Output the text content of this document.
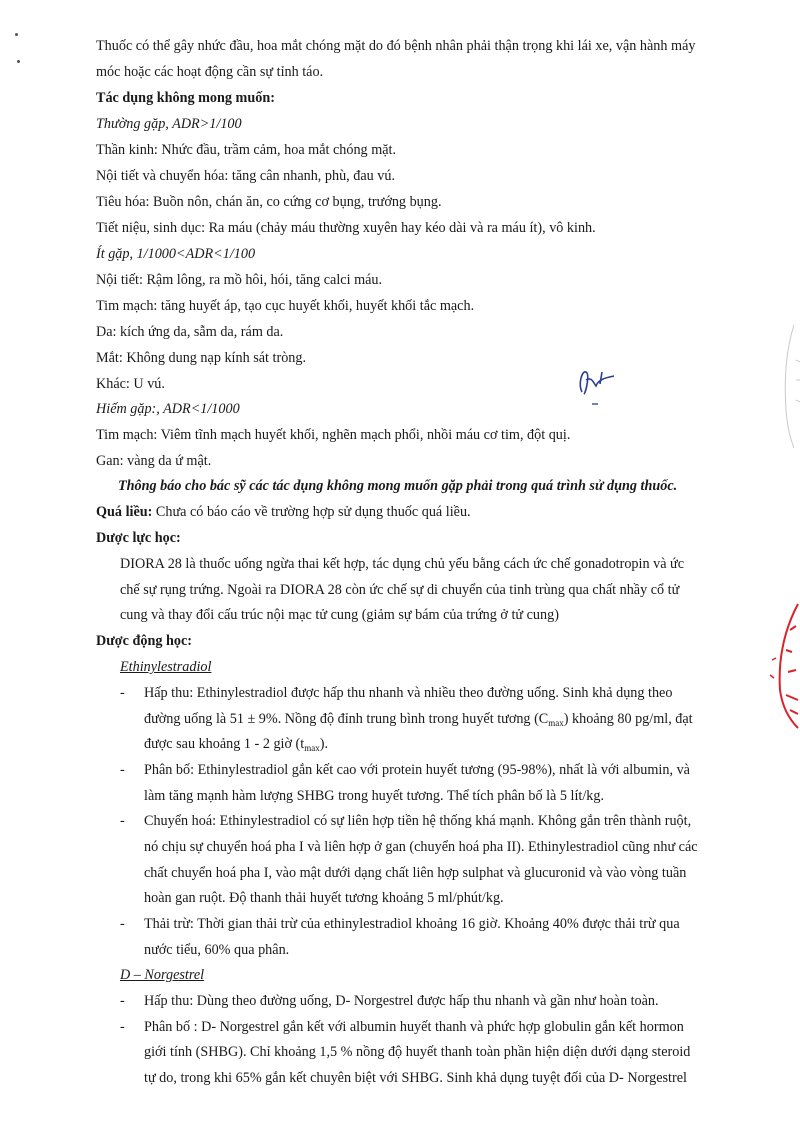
Thuốc có thể gây nhức đầu, hoa mắt chóng mặt do đó bệnh nhân phải thận trọng khi lái xe, vận hành máy
móc hoặc các hoạt động cần sự tỉnh táo.
Tác dụng không mong muốn:
Thường gặp, ADR>1/100
Thần kinh: Nhức đầu, trầm cảm, hoa mắt chóng mặt.
Nội tiết và chuyển hóa: tăng cân nhanh, phù, đau vú.
Tiêu hóa: Buồn nôn, chán ăn, co cứng cơ bụng, trướng bụng.
Tiết niệu, sinh dục: Ra máu (chảy máu thường xuyên hay kéo dài và ra máu ít), vô kinh.
Ít gặp, 1/1000<ADR<1/100
Nội tiết: Rậm lông, ra mồ hôi, hói, tăng calci máu.
Tim mạch: tăng huyết áp, tạo cục huyết khối, huyết khối tắc mạch.
Da: kích ứng da, sẫm da, rám da.
Mắt: Không dung nạp kính sát tròng.
Khác: U vú.
Hiếm gặp:, ADR<1/1000
Tim mạch: Viêm tĩnh mạch huyết khối, nghẽn mạch phổi, nhồi máu cơ tim, đột quị.
Gan: vàng da ứ mật.
Thông báo cho bác sỹ các tác dụng không mong muốn gặp phải trong quá trình sử dụng thuốc.
Quá liều: Chưa có báo cáo về trường hợp sử dụng thuốc quá liều.
Dược lực học:
DIORA 28 là thuốc uống ngừa thai kết hợp, tác dụng chủ yếu bằng cách ức chế gonadotropin và ức
chế sự rụng trứng. Ngoài ra DIORA 28 còn ức chế sự di chuyển của tinh trùng qua chất nhầy cổ tử
cung và thay đổi cấu trúc nội mạc tử cung (giảm sự bám của trứng ở tử cung)
Dược động học:
Ethinylestradiol
- Hấp thu: Ethinylestradiol được hấp thu nhanh và nhiều theo đường uống. Sinh khả dụng theo
đường uống là 51 ± 9%. Nồng độ đỉnh trung bình trong huyết tương $(C_{max})$ khoảng 80 pg/ml, đạt
được sau khoảng 1 - 2 giờ $(t_{max})$.
- Phân bố: Ethinylestradiol gắn kết cao với protein huyết tương (95-98%), nhất là với albumin, và
làm tăng mạnh hàm lượng SHBG trong huyết tương. Thể tích phân bố là 5 lít/kg.
- Chuyển hoá: Ethinylestradiol có sự liên hợp tiền hệ thống khá mạnh. Không gắn trên thành ruột,
nó chịu sự chuyển hoá pha I và liên hợp ở gan (chuyển hoá pha II). Ethinylestradiol cũng như các
chất chuyển hoá pha I, vào mật dưới dạng chất liên hợp sulphat và glucuronid và vào vòng tuần
hoàn gan ruột. Độ thanh thải huyết tương khoảng 5 ml/phút/kg.
- Thải trừ: Thời gian thải trừ của ethinylestradiol khoảng 16 giờ. Khoảng 40% được thải trừ qua
nước tiểu, 60% qua phân.
D – Norgestrel
- Hấp thu: Dùng theo đường uống, D- Norgestrel được hấp thu nhanh và gần như hoàn toàn.
- Phân bố : D- Norgestrel gắn kết với albumin huyết thanh và phức hợp globulin gắn kết hormon
giới tính (SHBG). Chỉ khoảng 1,5 % nồng độ huyết thanh toàn phần hiện diện dưới dạng steroid
tự do, trong khi 65% gắn kết chuyên biệt với SHBG. Sinh khả dụng tuyệt đối của D- Norgestrel
